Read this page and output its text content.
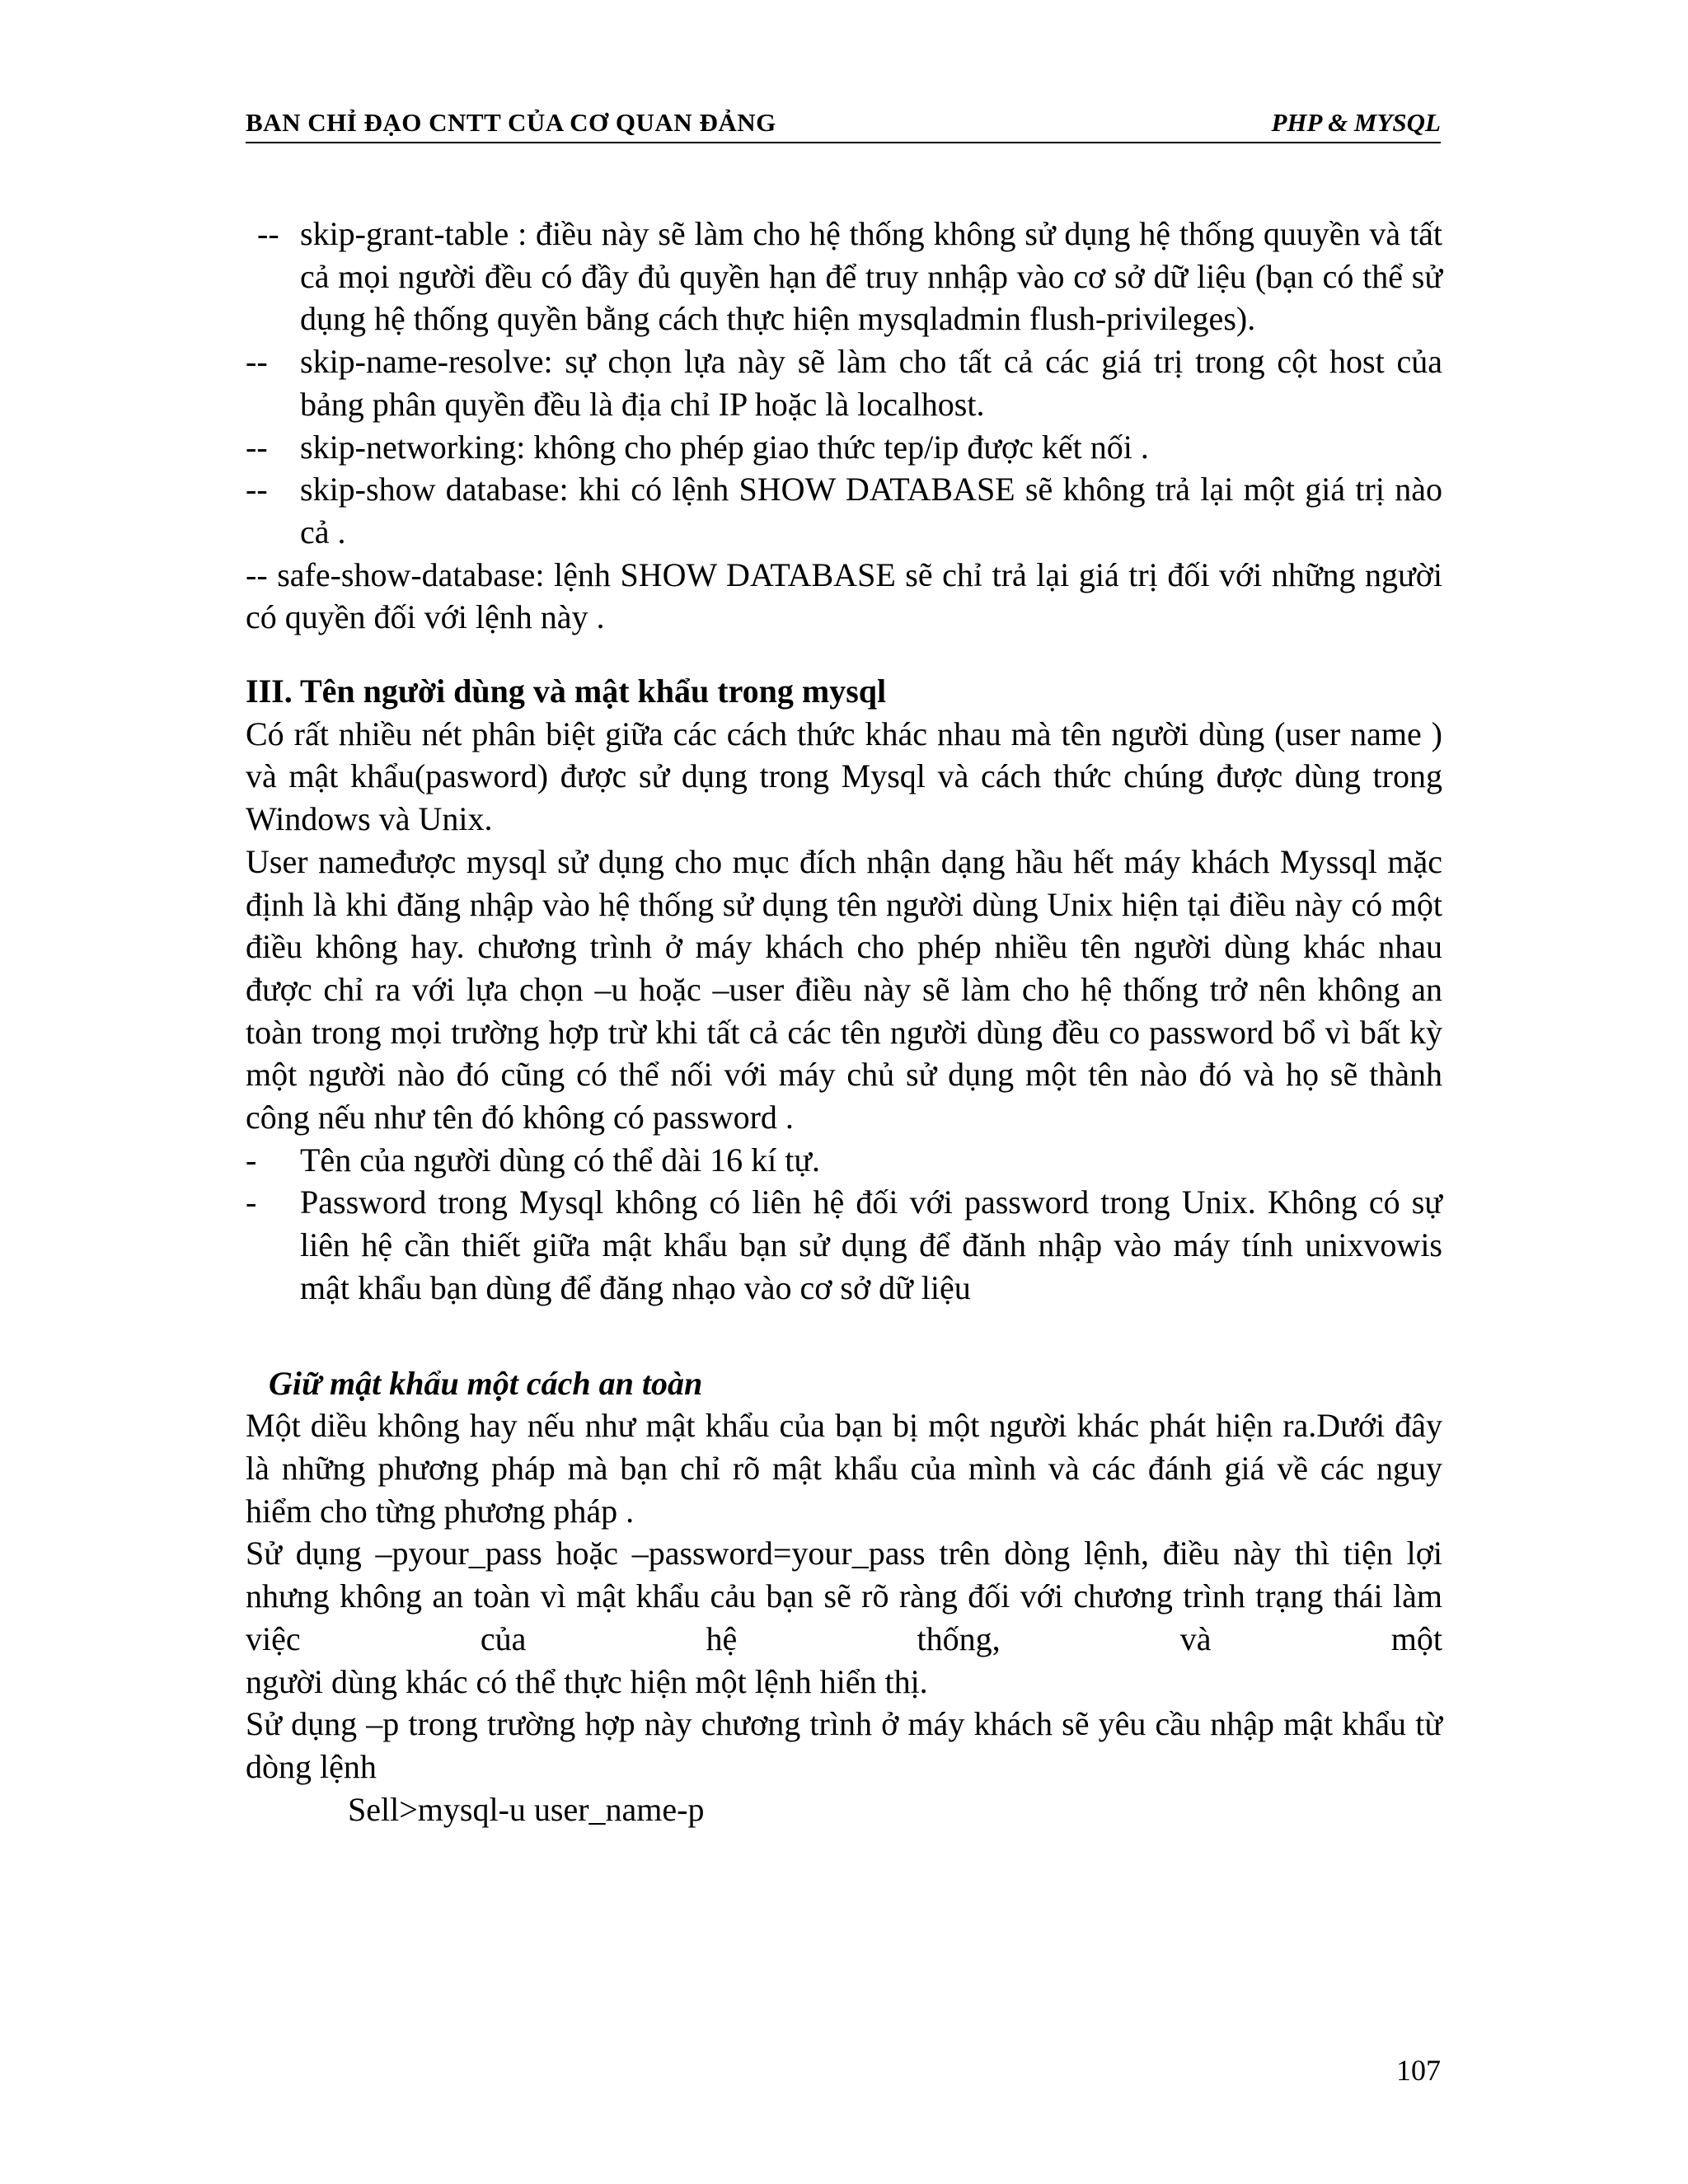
BAN CHỈ ĐẠO CNTT CỦA CƠ QUAN ĐẢNG	PHP & MYSQL
-- skip-grant-table : điều này sẽ làm cho hệ thống không sử dụng hệ thống quuyền và tất cả mọi người đều có đầy đủ quyền hạn để truy nnhập vào cơ sở dữ liệu (bạn có thể sử dụng hệ thống quyền bằng cách thực hiện mysqladmin flush-privileges).
-- skip-name-resolve: sự chọn lựa này sẽ làm cho tất cả các giá trị trong cột host của bảng phân quyền đều là địa chỉ IP hoặc là localhost.
-- skip-networking: không cho phép giao thức tep/ip được kết nối .
-- skip-show database: khi có lệnh SHOW DATABASE sẽ không trả lại một giá trị nào cả .

-- safe-show-database: lệnh SHOW DATABASE sẽ chỉ trả lại giá trị đối với những người có quyền đối với lệnh này .

III. Tên người dùng và mật khẩu trong mysql

Có rất nhiều nét phân biệt giữa các cách thức khác nhau mà tên người dùng (user name ) và mật khẩu(pasword) được sử dụng trong Mysql và cách thức chúng được dùng trong Windows và Unix.

User nameđược mysql sử dụng cho mục đích nhận dạng hầu hết máy khách Myssql mặc định là khi đăng nhập vào hệ thống sử dụng tên người dùng Unix hiện tại điều này có một điều không hay. chương trình ở máy khách cho phép nhiều tên người dùng khác nhau được chỉ ra với lựa chọn –u hoặc –user điều này sẽ làm cho hệ thống trở nên không an toàn trong mọi trường hợp trừ khi tất cả các tên người dùng đều co password bổ vì bất kỳ một người nào đó cũng có thể nối với máy chủ sử dụng một tên nào đó và họ sẽ thành công nếu như tên đó không có password .

- Tên của người dùng có thể dài 16 kí tự.
- Password trong Mysql không có liên hệ đối với password trong Unix. Không có sự liên hệ cần thiết giữa mật khẩu bạn sử dụng để đănh nhập vào máy tính unixvowis mật khẩu bạn dùng để đăng nhạo vào cơ sở dữ liệu

Giữ mật khẩu một cách an toàn

Một diều không hay nếu như mật khẩu của bạn bị một người khác phát hiện ra.Dưới đây là những phương pháp mà bạn chỉ rõ mật khẩu của mình và các đánh giá về các nguy hiểm cho từng phương pháp .

Sử dụng –pyour_pass hoặc –password=your_pass trên dòng lệnh, điều này thì tiện lợi nhưng không an toàn vì mật khẩu cảu bạn sẽ rõ ràng đối với chương trình trạng thái làm việc của hệ thống, và một

người dùng khác có thể thực hiện một lệnh hiển thị.

Sử dụng –p trong trường hợp này chương trình ở máy khách sẽ yêu cầu nhập mật khẩu từ dòng lệnh

Sell>mysql-u user_name-p

107
